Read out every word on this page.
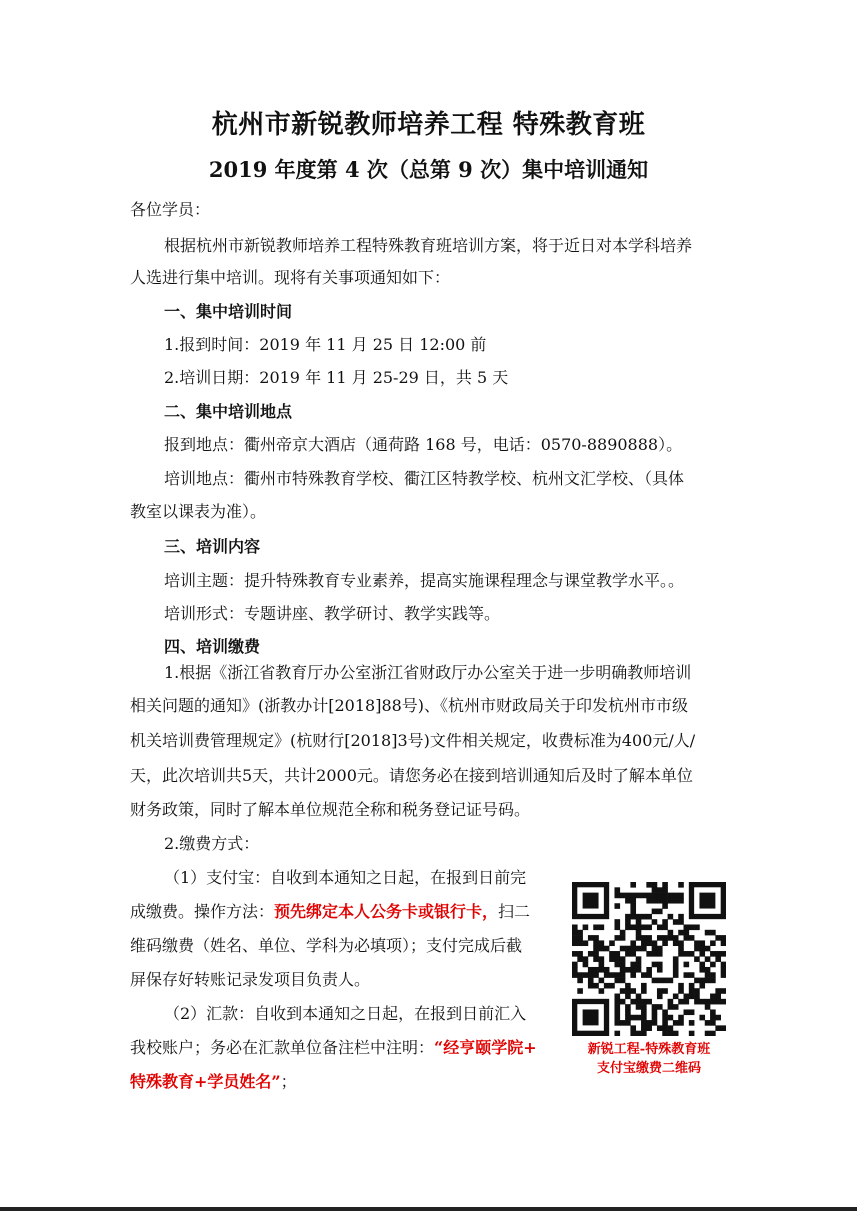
杭州市新锐教师培养工程 特殊教育班
2019 年度第 4 次（总第 9 次）集中培训通知
各位学员：
根据杭州市新锐教师培养工程特殊教育班培训方案，将于近日对本学科培养
人选进行集中培训。现将有关事项通知如下：
一、集中培训时间
1.报到时间：2019 年 11 月 25 日 12:00 前
2.培训日期：2019 年 11 月 25-29 日，共 5 天
二、集中培训地点
报到地点：衢州帝京大酒店（通荷路 168 号，电话：0570-8890888）。
培训地点：衢州市特殊教育学校、衢江区特教学校、杭州文汇学校、（具体
教室以课表为准）。
三、培训内容
培训主题：提升特殊教育专业素养，提高实施课程理念与课堂教学水平。。
培训形式：专题讲座、教学研讨、教学实践等。
四、培训缴费
1.根据《浙江省教育厅办公室浙江省财政厅办公室关于进一步明确教师培训
相关问题的通知》(浙教办计[2018]88号)、《杭州市财政局关于印发杭州市市级
机关培训费管理规定》(杭财行[2018]3号)文件相关规定，收费标准为400元/人/
天，此次培训共5天，共计2000元。请您务必在接到培训通知后及时了解本单位
财务政策，同时了解本单位规范全称和税务登记证号码。
2.缴费方式：
（1）支付宝：自收到本通知之日起，在报到日前完
成缴费。操作方法：预先绑定本人公务卡或银行卡，扫二
维码缴费（姓名、单位、学科为必填项）；支付完成后截
屏保存好转账记录发项目负责人。
（2）汇款：自收到本通知之日起，在报到日前汇入
我校账户；务必在汇款单位备注栏中注明：“经亨颐学院+
特殊教育+学员姓名”；
新锐工程-特殊教育班
支付宝缴费二维码
